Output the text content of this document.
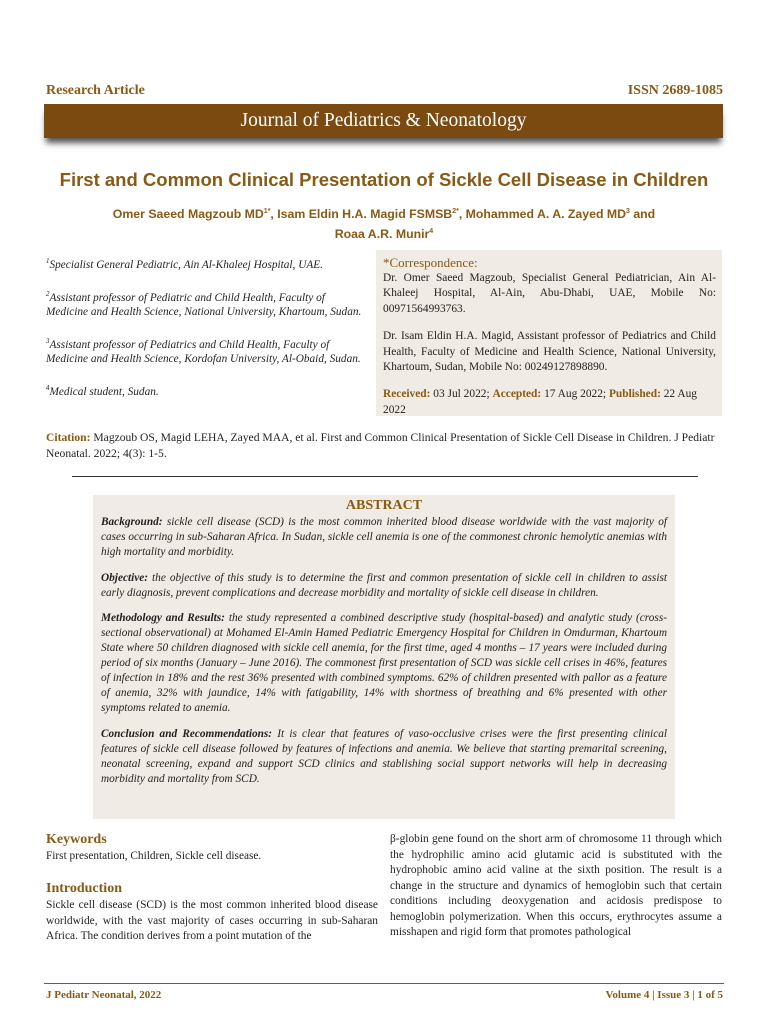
Research Article	ISSN 2689-1085
Journal of Pediatrics & Neonatology
First and Common Clinical Presentation of Sickle Cell Disease in Children
Omer Saeed Magzoub $MD^{1*}$, Isam Eldin H.A. Magid $FSMSB^{2*}$, Mohammed A. A. Zayed $MD^3$ and
Roaa A.R. Munir$^4$

$^1$Specialist General Pediatric, Ain Al-Khaleej Hospital, UAE.

$^2$Assistant professor of Pediatric and Child Health, Faculty of Medicine and Health Science, National University, Khartoum, Sudan.

$^3$Assistant professor of Pediatrics and Child Health, Faculty of Medicine and Health Science, Kordofan University, Al-Obaid, Sudan.

$^4$Medical student, Sudan.

*Correspondence:

Dr. Omer Saeed Magzoub, Specialist General Pediatrician, Ain Al-Khaleej Hospital, Al-Ain, Abu-Dhabi, UAE, Mobile No: 00971564993763.

Dr. Isam Eldin H.A. Magid, Assistant professor of Pediatrics and Child Health, Faculty of Medicine and Health Science, National University, Khartoum, Sudan, Mobile No: 00249127898890.

Received: 03 Jul 2022; Accepted: 17 Aug 2022; Published: 22 Aug 2022
Citation: Magzoub OS, Magid LEHA, Zayed MAA, et al. First and Common Clinical Presentation of Sickle Cell Disease in Children. J Pediatr Neonatal. 2022; 4(3): 1-5.
ABSTRACT

Background: sickle cell disease (SCD) is the most common inherited blood disease worldwide with the vast majority of cases occurring in sub-Saharan Africa. In Sudan, sickle cell anemia is one of the commonest chronic hemolytic anemias with high mortality and morbidity.

Objective: the objective of this study is to determine the first and common presentation of sickle cell in children to assist early diagnosis, prevent complications and decrease morbidity and mortality of sickle cell disease in children.

Methodology and Results: the study represented a combined descriptive study (hospital-based) and analytic study (cross-sectional observational) at Mohamed El-Amin Hamed Pediatric Emergency Hospital for Children in Omdurman, Khartoum State where 50 children diagnosed with sickle cell anemia, for the first time, aged 4 months – 17 years were included during period of six months (January – June 2016). The commonest first presentation of SCD was sickle cell crises in 46%, features of infection in 18% and the rest 36% presented with combined symptoms. 62% of children presented with pallor as a feature of anemia, 32% with jaundice, 14% with fatigability, 14% with shortness of breathing and 6% presented with other symptoms related to anemia.

Conclusion and Recommendations: It is clear that features of vaso-occlusive crises were the first presenting clinical features of sickle cell disease followed by features of infections and anemia. We believe that starting premarital screening, neonatal screening, expand and support SCD clinics and stablishing social support networks will help in decreasing morbidity and mortality from SCD.

Keywords
First presentation, Children, Sickle cell disease.
Introduction
Sickle cell disease (SCD) is the most common inherited blood disease worldwide, with the vast majority of cases occurring in sub-Saharan Africa. The condition derives from a point mutation of the
β-globin gene found on the short arm of chromosome 11 through which the hydrophilic amino acid glutamic acid is substituted with the hydrophobic amino acid valine at the sixth position. The result is a change in the structure and dynamics of hemoglobin such that certain conditions including deoxygenation and acidosis predispose to hemoglobin polymerization. When this occurs, erythrocytes assume a misshapen and rigid form that promotes pathological
J Pediatr Neonatal, 2022	Volume 4 | Issue 3 | 1 of 5
